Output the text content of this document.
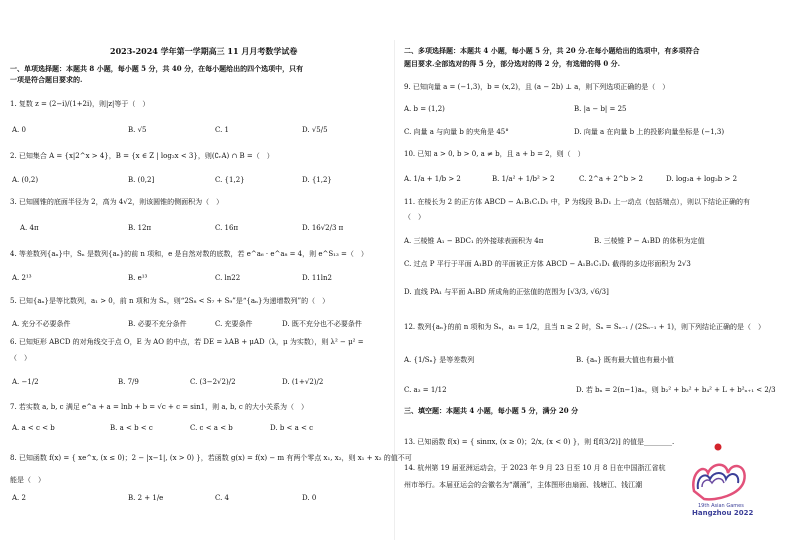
2023-2024 学年第一学期高三 11 月月考数学试卷
一、单项选择题：本题共 8 小题，每小题 5 分，共 40 分，在每小题给出的四个选项中，只有
一项是符合题目要求的.
1. 复数 z = (2−i)/(1+2i)，则|z|等于（　）
A. 0	B. √5	C. 1	D. √5/5
2. 已知集合 A = {x|2^x > 4}，B = {x ∈ Z | log₂x < 3}，则(∁ᵣA) ∩ B =（　）
A. (0,2)	B. (0,2]	C. {1,2}	D. {1,2}
3. 已知圆锥的底面半径为 2，高为 4√2，则该圆锥的侧面积为（　）
A. 4π	B. 12π	C. 16π	D. 16√2/3 π
4. 等差数列{aₙ}中，Sₙ 是数列{aₙ}的前 n 项和，e 是自然对数的底数，若 e^a₆ · e^a₈ = 4，则 e^S₁₃ =（　）
A. 2¹³	B. e¹³	C. ln22	D. 11ln2
5. 已知{aₙ}是等比数列，a₁ > 0，前 n 项和为 Sₙ，则“2S₈ < S₇ + S₉”是“{aₙ}为递增数列”的（　）
A. 充分不必要条件	B. 必要不充分条件	C. 充要条件	D. 既不充分也不必要条件
6. 已知矩形 ABCD 的对角线交于点 O，E 为 AO 的中点，若 DE = λAB + μAD（λ，μ 为实数），则 λ² − μ² =
（　）
A. −1/2	B. 7/9	C. (3−2√2)/2	D. (1+√2)/2
7. 若实数 a, b, c 满足 e^a + a = lnb + b = √c + c = sin1，则 a, b, c 的大小关系为（　）
A. a < c < b	B. a < b < c	C. c < a < b	D. b < a < c
8. 已知函数 f(x) = { xe^x, (x ≤ 0)；2 − |x−1|, (x > 0) }，若函数 g(x) = f(x) − m 有两个零点 x₁, x₂，则 x₁ + x₂ 的值不可
能是（　）
A. 2	B. 2 + 1/e	C. 4	D. 0
二、多项选择题：本题共 4 小题，每小题 5 分，共 20 分.在每小题给出的选项中，有多项符合
题目要求.全部选对的得 5 分，部分选对的得 2 分，有选错的得 0 分.
9. 已知向量 a = (−1,3)，b = (x,2)，且 (a − 2b) ⊥ a，则下列选项正确的是（　）
A. b = (1,2)	B. |a − b| = 25
C. 向量 a 与向量 b 的夹角是 45°	D. 向量 a 在向量 b 上的投影向量坐标是 (−1,3)
10. 已知 a > 0, b > 0, a ≠ b，且 a + b = 2，则（　）
A. 1/a + 1/b > 2	B. 1/a² + 1/b² > 2	C. 2^a + 2^b > 2	D. log₂a + log₂b > 2
11. 在棱长为 2 的正方体 ABCD − A₁B₁C₁D₁ 中，P 为线段 B₁D₁ 上一动点（包括端点），则以下结论正确的有
（　）
A. 三棱锥 A₁ − BDC₁ 的外接球表面积为 4π	B. 三棱锥 P − A₁BD 的体积为定值
C. 过点 P 平行于平面 A₁BD 的平面被正方体 ABCD − A₁B₁C₁D₁ 截得的多边形面积为 2√3
D. 直线 PA₁ 与平面 A₁BD 所成角的正弦值的范围为 [√3/3, √6/3]
12. 数列{aₙ}的前 n 项和为 Sₙ，a₁ = 1/2，且当 n ≥ 2 时，Sₙ = Sₙ₋₁ / (2Sₙ₋₁ + 1)，则下列结论正确的是（　）
A. {1/Sₙ} 是等差数列	B. {aₙ} 既有最大值也有最小值
C. a₃ = 1/12	D. 若 bₙ = 2(n−1)aₙ，则 b₂² + b₃² + b₄² + L + b²ₙ₊₁ < 2/3
三、填空题：本题共 4 小题，每小题 5 分，满分 20 分
13. 已知函数 f(x) = { sinπx, (x ≥ 0)；2/x, (x < 0) }，则 f[f(3/2)] 的值是________.
14. 杭州第 19 届亚洲运动会，于 2023 年 9 月 23 日至 10 月 8 日在中国浙江省杭
州市举行。本届亚运会的会徽名为“潮涌”，主体图形由扇面、钱塘江、钱江潮
19th Asian Games
Hangzhou 2022
